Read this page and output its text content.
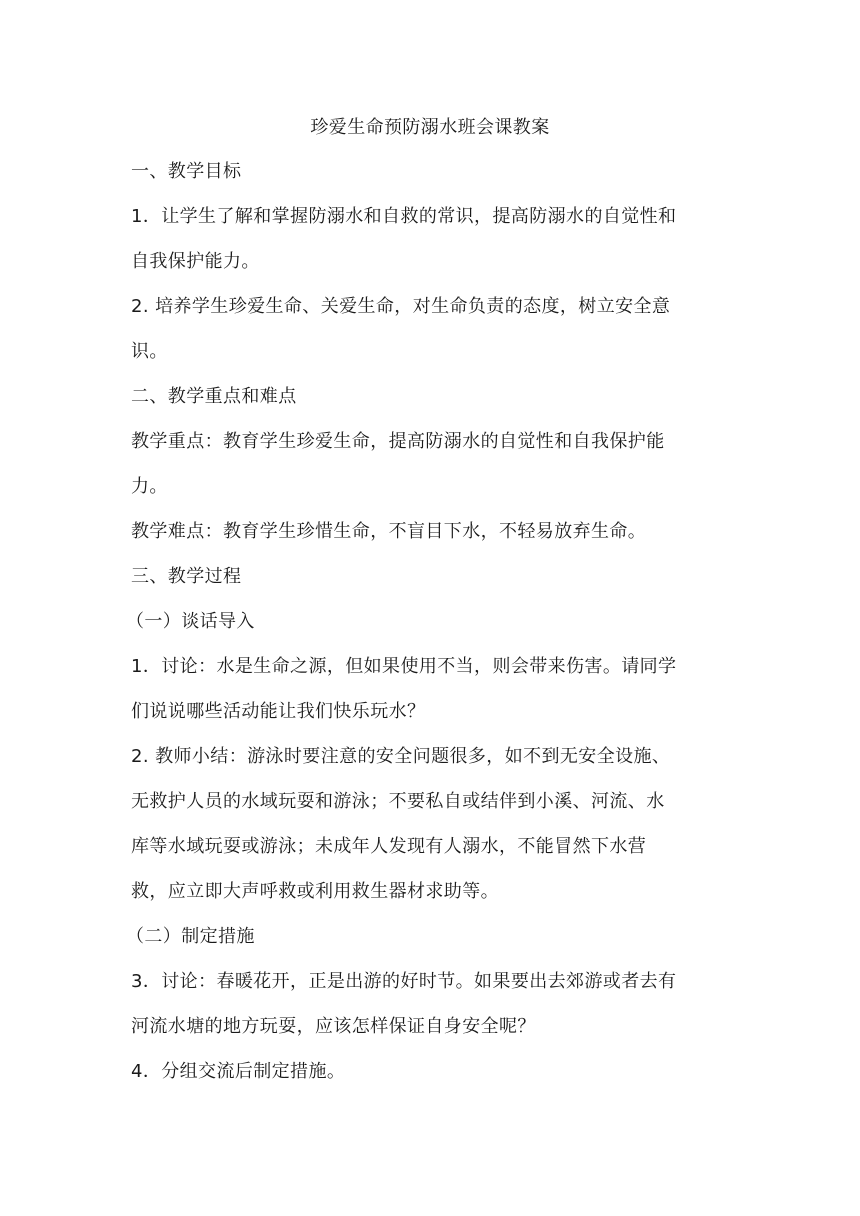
珍爱生命预防溺水班会课教案
一、教学目标
1．让学生了解和掌握防溺水和自救的常识，提高防溺水的自觉性和
自我保护能力。
2. 培养学生珍爱生命、关爱生命，对生命负责的态度，树立安全意
识。
二、教学重点和难点
教学重点：教育学生珍爱生命，提高防溺水的自觉性和自我保护能
力。
教学难点：教育学生珍惜生命，不盲目下水，不轻易放弃生命。
三、教学过程
（一）谈话导入
1．讨论：水是生命之源，但如果使用不当，则会带来伤害。请同学
们说说哪些活动能让我们快乐玩水？
2. 教师小结：游泳时要注意的安全问题很多，如不到无安全设施、
无救护人员的水域玩耍和游泳；不要私自或结伴到小溪、河流、水
库等水域玩耍或游泳；未成年人发现有人溺水，不能冒然下水营
救，应立即大声呼救或利用救生器材求助等。
（二）制定措施
3．讨论：春暖花开，正是出游的好时节。如果要出去郊游或者去有
河流水塘的地方玩耍，应该怎样保证自身安全呢？
4．分组交流后制定措施。
